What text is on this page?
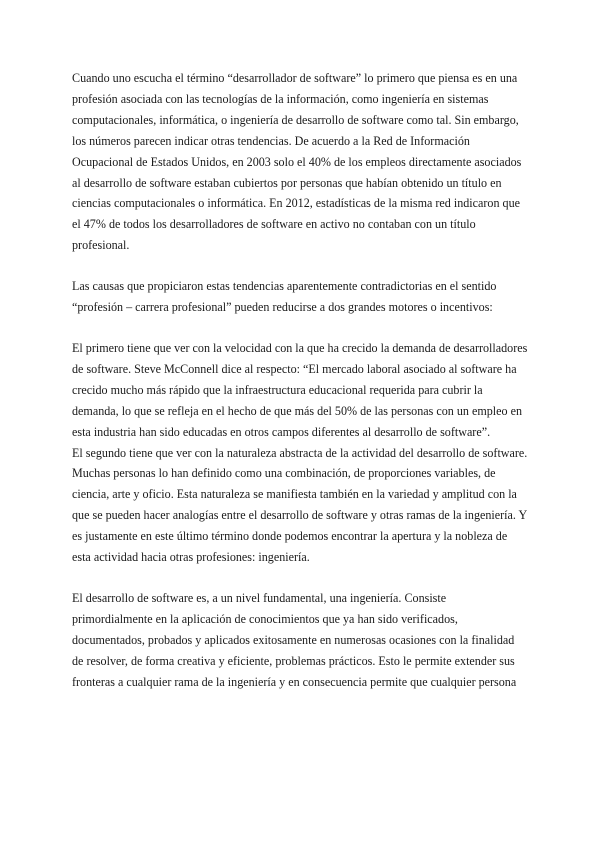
Cuando uno escucha el término “desarrollador de software” lo primero que piensa es en una profesión asociada con las tecnologías de la información, como ingeniería en sistemas computacionales, informática, o ingeniería de desarrollo de software como tal. Sin embargo, los números parecen indicar otras tendencias. De acuerdo a la Red de Información Ocupacional de Estados Unidos, en 2003 solo el 40% de los empleos directamente asociados al desarrollo de software estaban cubiertos por personas que habían obtenido un título en ciencias computacionales o informática. En 2012, estadísticas de la misma red indicaron que el 47% de todos los desarrolladores de software en activo no contaban con un título profesional.

Las causas que propiciaron estas tendencias aparentemente contradictorias en el sentido “profesión – carrera profesional” pueden reducirse a dos grandes motores o incentivos:

El primero tiene que ver con la velocidad con la que ha crecido la demanda de desarrolladores de software. Steve McConnell dice al respecto: “El mercado laboral asociado al software ha crecido mucho más rápido que la infraestructura educacional requerida para cubrir la demanda, lo que se refleja en el hecho de que más del 50% de las personas con un empleo en esta industria han sido educadas en otros campos diferentes al desarrollo de software”.

El segundo tiene que ver con la naturaleza abstracta de la actividad del desarrollo de software. Muchas personas lo han definido como una combinación, de proporciones variables, de ciencia, arte y oficio. Esta naturaleza se manifiesta también en la variedad y amplitud con la que se pueden hacer analogías entre el desarrollo de software y otras ramas de la ingeniería. Y es justamente en este último término donde podemos encontrar la apertura y la nobleza de esta actividad hacia otras profesiones: ingeniería.

El desarrollo de software es, a un nivel fundamental, una ingeniería. Consiste primordialmente en la aplicación de conocimientos que ya han sido verificados, documentados, probados y aplicados exitosamente en numerosas ocasiones con la finalidad de resolver, de forma creativa y eficiente, problemas prácticos. Esto le permite extender sus fronteras a cualquier rama de la ingeniería y en consecuencia permite que cualquier persona
